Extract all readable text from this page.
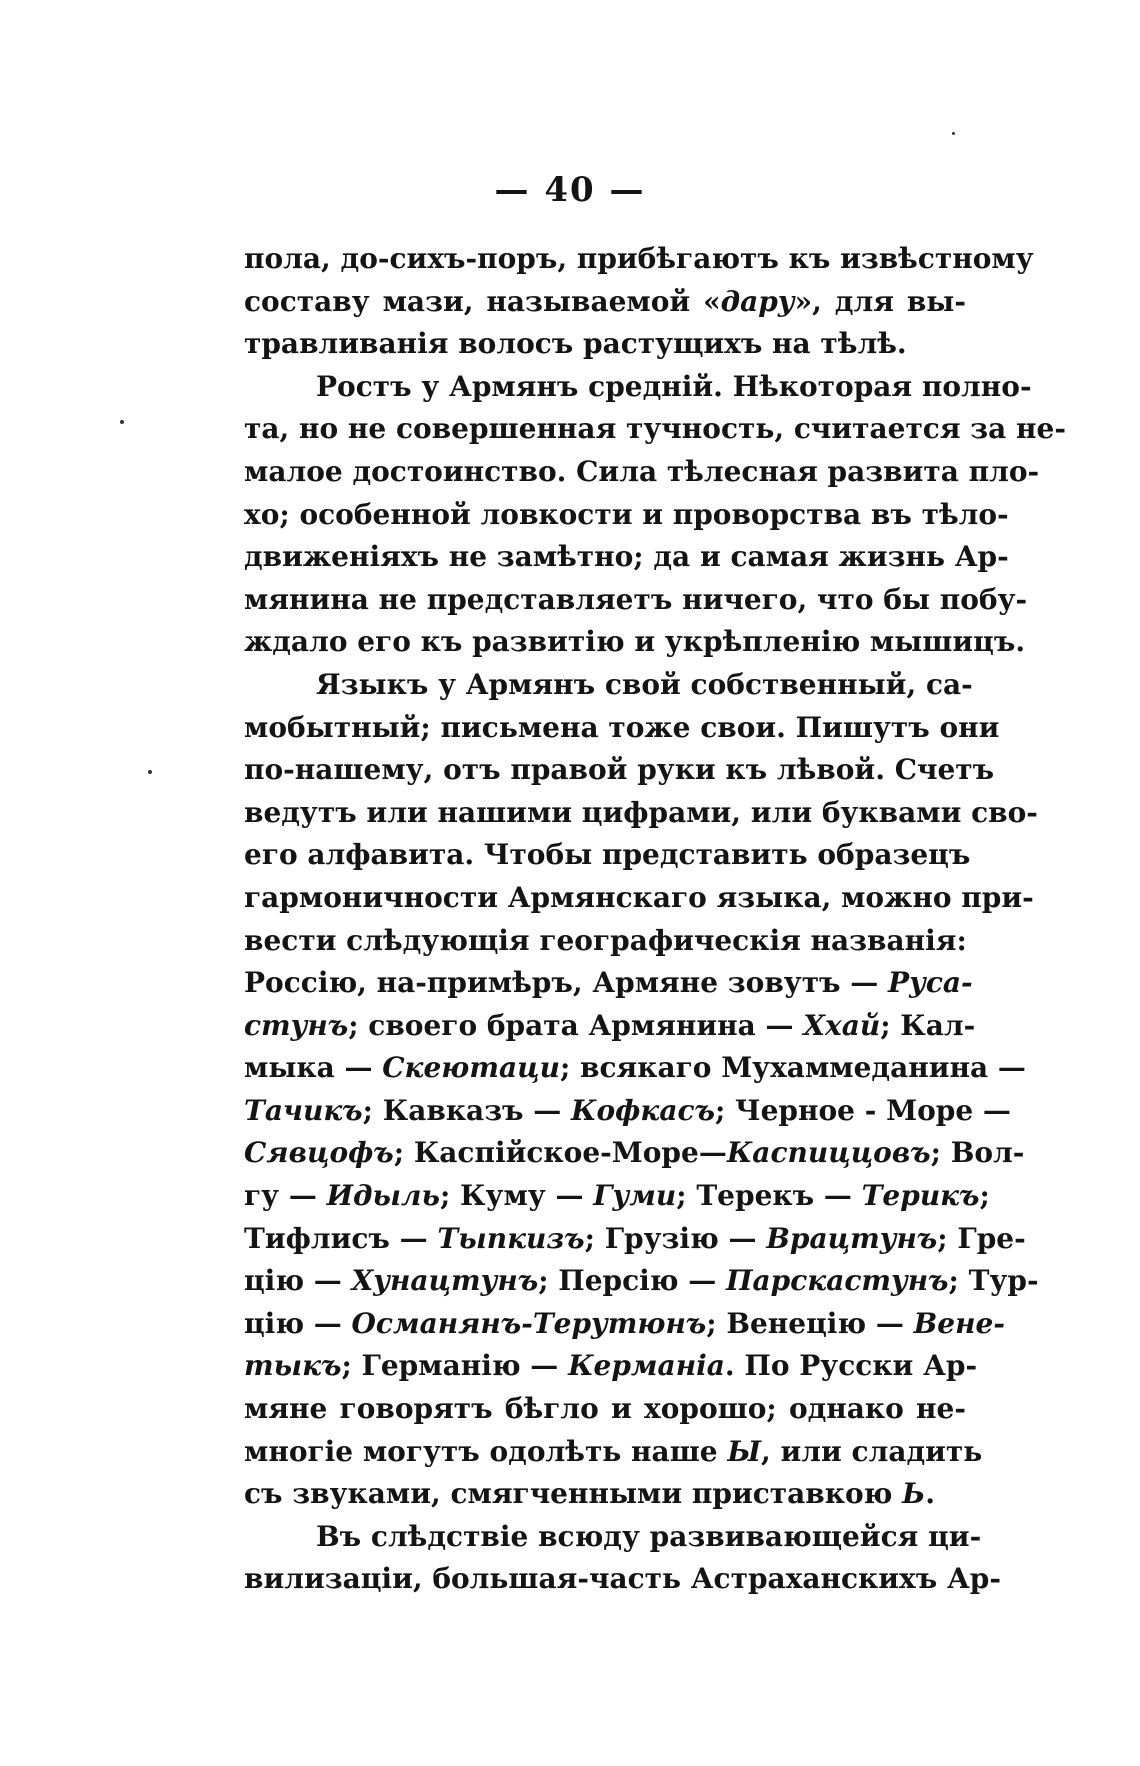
— 40 —
пола, до-сихъ-поръ, прибѣгаютъ къ извѣстному
составу мази, называемой «дару», для вы-
травливанія волосъ растущихъ на тѣлѣ.
Ростъ у Армянъ средній. Нѣкоторая полно-
та, но не совершенная тучность, считается за не-
малое достоинство. Сила тѣлесная развита пло-
хо; особенной ловкости и проворства въ тѣло-
движеніяхъ не замѣтно; да и самая жизнь Ар-
мянина не представляетъ ничего, что бы побу-
ждало его къ развитію и укрѣпленію мышицъ.
Языкъ у Армянъ свой собственный, са-
мобытный; письмена тоже свои. Пишутъ они
по-нашему, отъ правой руки къ лѣвой. Счетъ
ведутъ или нашими цифрами, или буквами сво-
его алфавита. Чтобы представить образецъ
гармоничности Армянскаго языка, можно при-
вести слѣдующія географическія названія:
Россію, на-примѣръ, Армяне зовутъ — Руса-
стунъ; своего брата Армянина — Ххай; Кал-
мыка — Скеютаци; всякаго Мухаммеданина —
Тачикъ; Кавказъ — Кофкасъ; Черное - Море —
Сявцофъ; Каспійское-Море—Каспиццовъ; Вол-
гу — Идыль; Куму — Гуми; Терекъ — Терикъ;
Тифлисъ — Тыпкизъ; Грузію — Врацтунъ; Гре-
цію — Хунацтунъ; Персію — Парскастунъ; Тур-
цію — Османянъ-Терутюнъ; Венецію — Вене-
тыкъ; Германію — Керманіа. По Русски Ар-
мяне говорятъ бѣгло и хорошо; однако не-
многіе могутъ одолѣть наше Ы, или сладить
съ звуками, смягченными приставкою Ь.
Въ слѣдствіе всюду развивающейся ци-
вилизаціи, большая-часть Астраханскихъ Ар-
